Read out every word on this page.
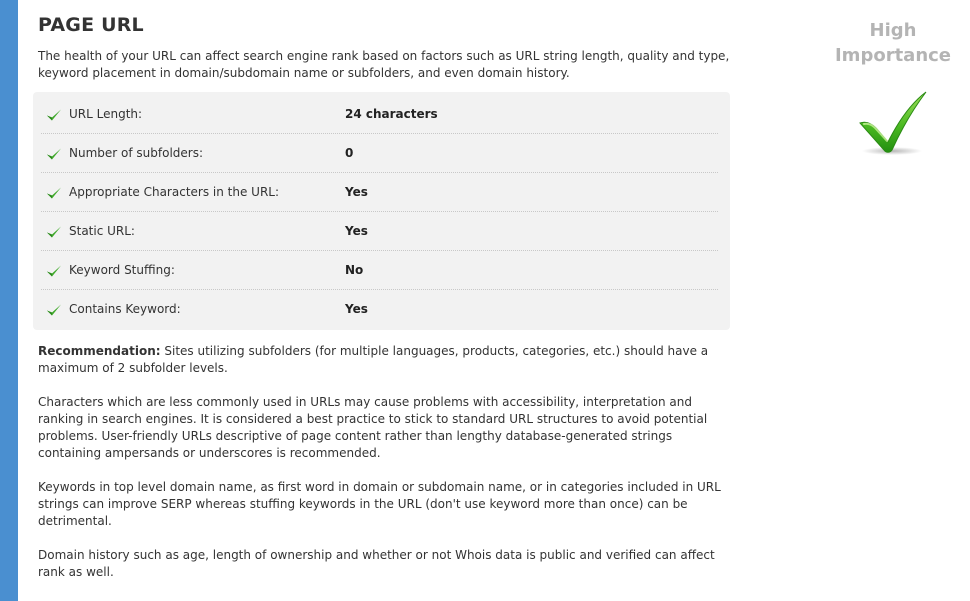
PAGE URL

The health of your URL can affect search engine rank based on factors such as URL string length, quality and type, keyword placement in domain/subdomain name or subfolders, and even domain history.

URL Length:	24 characters
Number of subfolders:	0
Appropriate Characters in the URL:	Yes
Static URL:	Yes
Keyword Stuffing:	No
Contains Keyword:	Yes

Recommendation: Sites utilizing subfolders (for multiple languages, products, categories, etc.) should have a maximum of 2 subfolder levels.

Characters which are less commonly used in URLs may cause problems with accessibility, interpretation and ranking in search engines. It is considered a best practice to stick to standard URL structures to avoid potential problems. User-friendly URLs descriptive of page content rather than lengthy database-generated strings containing ampersands or underscores is recommended.

Keywords in top level domain name, as first word in domain or subdomain name, or in categories included in URL strings can improve SERP whereas stuffing keywords in the URL (don't use keyword more than once) can be detrimental.

Domain history such as age, length of ownership and whether or not Whois data is public and verified can affect rank as well.

High
Importance
